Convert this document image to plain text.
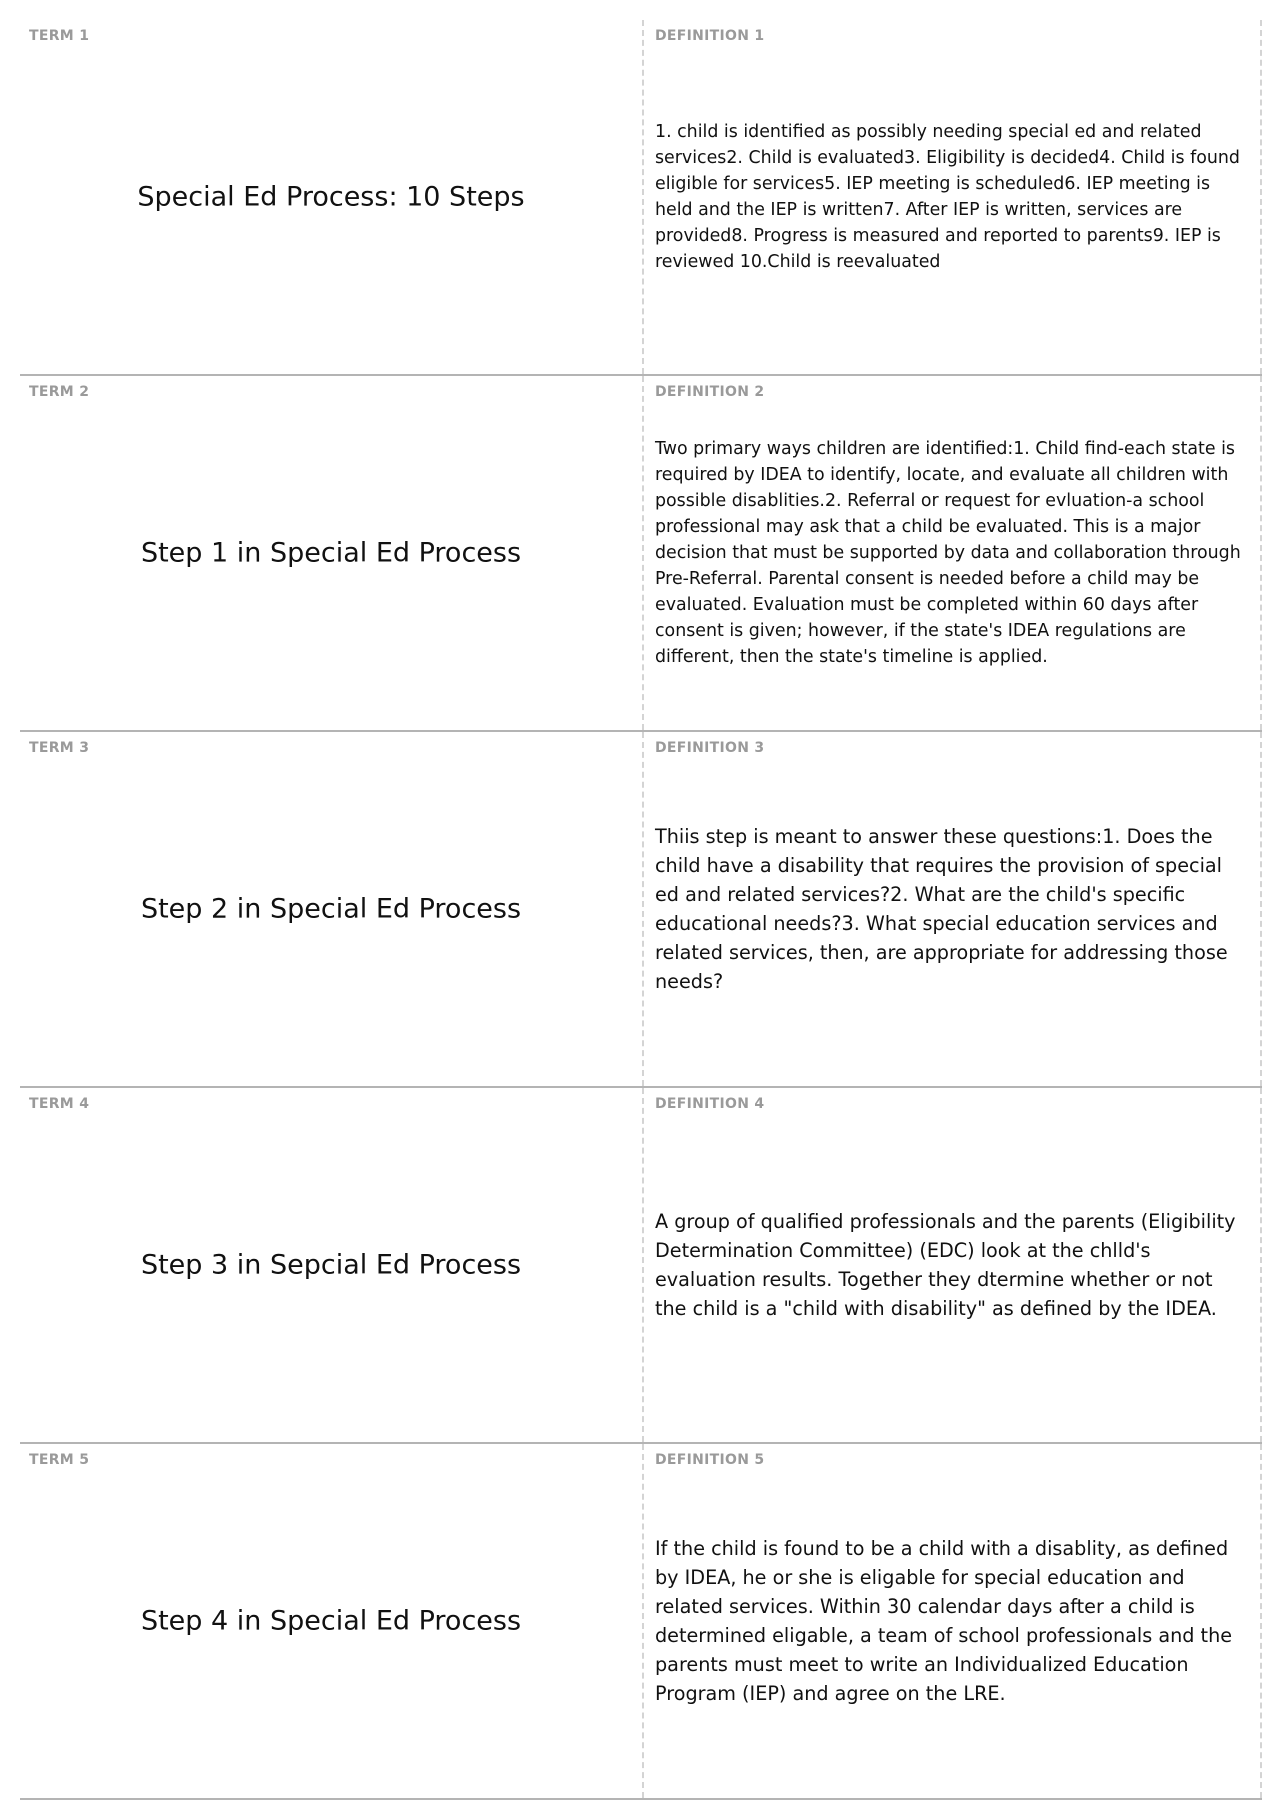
TERM 1
Special Ed Process: 10 Steps
DEFINITION 1
1. child is identified as possibly needing special ed and related services2. Child is evaluated3. Eligibility is decided4. Child is found eligible for services5. IEP meeting is scheduled6. IEP meeting is held and the IEP is written7. After IEP is written, services are provided8. Progress is measured and reported to parents9. IEP is reviewed 10.Child is reevaluated
TERM 2
Step 1 in Special Ed Process
DEFINITION 2
Two primary ways children are identified:1. Child find-each state is required by IDEA to identify, locate, and evaluate all children with possible disablities.2. Referral or request for evluation-a school professional may ask that a child be evaluated. This is a major decision that must be supported by data and collaboration through Pre-Referral. Parental consent is needed before a child may be evaluated. Evaluation must be completed within 60 days after consent is given; however, if the state's IDEA regulations are different, then the state's timeline is applied.
TERM 3
Step 2 in Special Ed Process
DEFINITION 3
Thiis step is meant to answer these questions:1. Does the child have a disability that requires the provision of special ed and related services?2. What are the child's specific educational needs?3. What special education services and related services, then, are appropriate for addressing those needs?
TERM 4
Step 3 in Sepcial Ed Process
DEFINITION 4
A group of qualified professionals and the parents (Eligibility Determination Committee) (EDC) look at the chlld's evaluation results. Together they dtermine whether or not the child is a "child with disability" as defined by the IDEA.
TERM 5
Step 4 in Special Ed Process
DEFINITION 5
If the child is found to be a child with a disablity, as defined by IDEA, he or she is eligable for special education and related services. Within 30 calendar days after a child is determined eligable, a team of school professionals and the parents must meet to write an Individualized Education Program (IEP) and agree on the LRE.
